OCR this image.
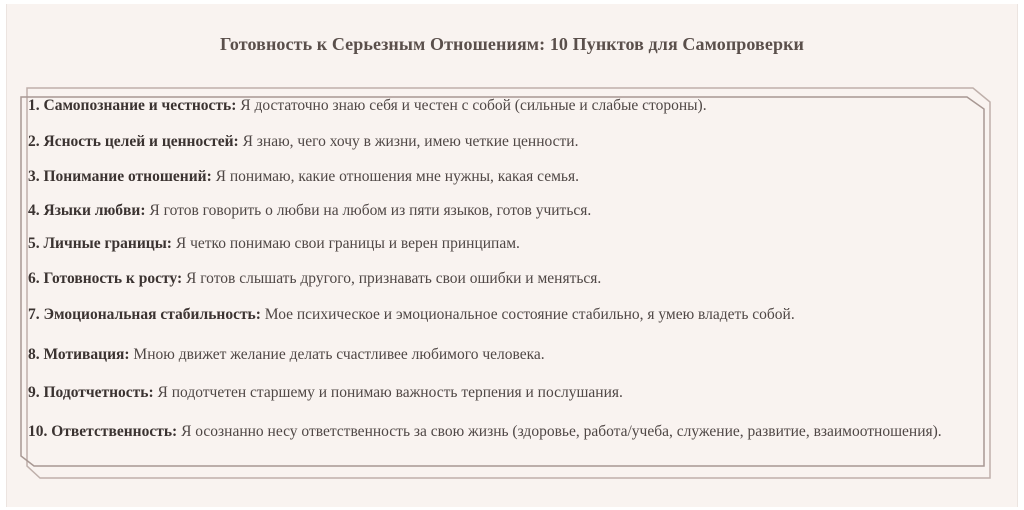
Готовность к Серьезным Отношениям: 10 Пунктов для Самопроверки
1. Самопознание и честность: Я достаточно знаю себя и честен с собой (сильные и слабые стороны).
2. Ясность целей и ценностей: Я знаю, чего хочу в жизни, имею четкие ценности.
3. Понимание отношений: Я понимаю, какие отношения мне нужны, какая семья.
4. Языки любви: Я готов говорить о любви на любом из пяти языков, готов учиться.
5. Личные границы: Я четко понимаю свои границы и верен принципам.
6. Готовность к росту: Я готов слышать другого, признавать свои ошибки и меняться.
7. Эмоциональная стабильность: Мое психическое и эмоциональное состояние стабильно, я умею владеть собой.
8. Мотивация: Мною движет желание делать счастливее любимого человека.
9. Подотчетность: Я подотчетен старшему и понимаю важность терпения и послушания.
10. Ответственность: Я осознанно несу ответственность за свою жизнь (здоровье, работа/учеба, служение, развитие, взаимоотношения).
